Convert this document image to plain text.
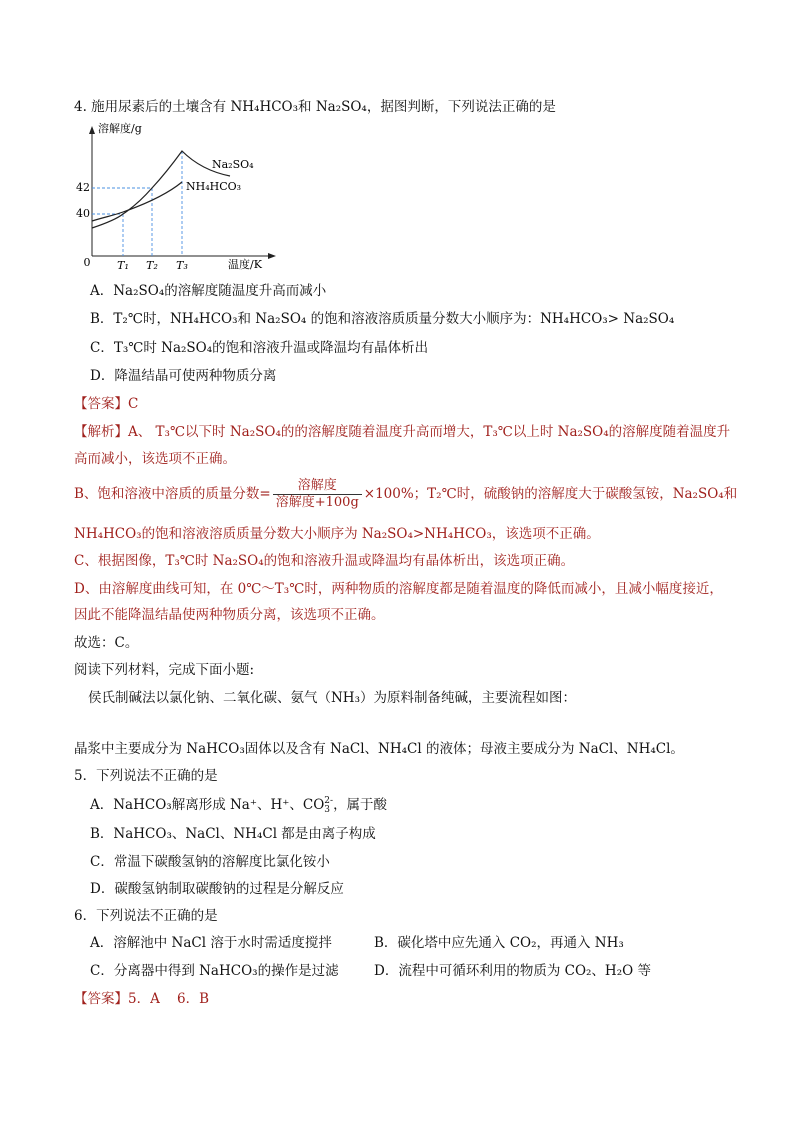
4. 施用尿素后的土壤含有 NH₄HCO₃和 Na₂SO₄，据图判断，下列说法正确的是
溶解度/g
温度/K
0
40
42
T₁ T₂ T₃
Na₂SO₄
NH₄HCO₃
A．Na₂SO₄的溶解度随温度升高而减小
B．T₂℃时，NH₄HCO₃和 Na₂SO₄ 的饱和溶液溶质质量分数大小顺序为：NH₄HCO₃> Na₂SO₄
C．T₃℃时 Na₂SO₄的饱和溶液升温或降温均有晶体析出
D．降温结晶可使两种物质分离
【答案】C
【解析】A、 T₃℃以下时 Na₂SO₄的的溶解度随着温度升高而增大，T₃℃以上时 Na₂SO₄的溶解度随着温度升
高而减小，该选项不正确。
B、饱和溶液中溶质的质量分数= $\frac{\text{溶解度}}{\text{溶解度+100g}} \times 100\%$；T₂℃时，硫酸钠的溶解度大于碳酸氢铵，Na₂SO₄和
NH₄HCO₃的饱和溶液溶质质量分数大小顺序为 Na₂SO₄>NH₄HCO₃，该选项不正确。
C、根据图像，T₃℃时 Na₂SO₄的饱和溶液升温或降温均有晶体析出，该选项正确。
D、由溶解度曲线可知，在 0℃～T₃℃时，两种物质的溶解度都是随着温度的降低而减小，且减小幅度接近，
因此不能降温结晶使两种物质分离，该选项不正确。
故选：C。
阅读下列材料，完成下面小题:
侯氏制碱法以氯化钠、二氧化碳、氨气（NH₃）为原料制备纯碱，主要流程如图：
晶浆中主要成分为 NaHCO₃固体以及含有 NaCl、NH₄Cl 的液体；母液主要成分为 NaCl、NH₄Cl。
5．下列说法不正确的是
A．NaHCO₃解离形成 Na⁺、H⁺、CO 2-
3 ，属于酸
B．NaHCO₃、NaCl、NH₄Cl 都是由离子构成
C．常温下碳酸氢钠的溶解度比氯化铵小
D．碳酸氢钠制取碳酸钠的过程是分解反应
6．下列说法不正确的是
A．溶解池中 NaCl 溶于水时需适度搅拌	B．碳化塔中应先通入 CO₂，再通入 NH₃
C．分离器中得到 NaHCO₃的操作是过滤	D．流程中可循环利用的物质为 CO₂、H₂O 等
【答案】5．A    6．B
